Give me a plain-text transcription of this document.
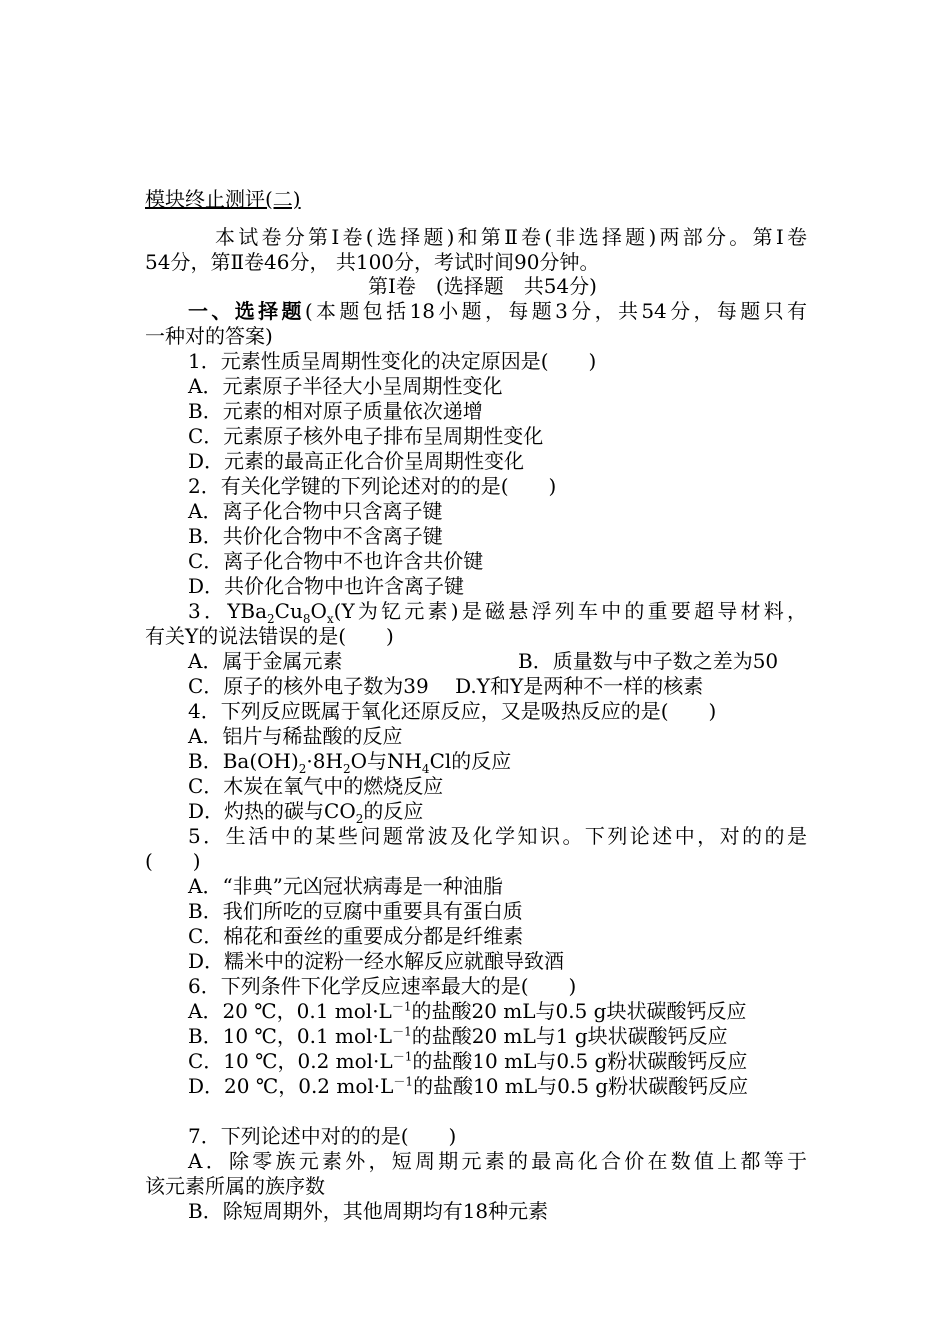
模块终止测评(二)
本试卷分第Ⅰ卷(选择题)和第Ⅱ卷(非选择题)两部分。第Ⅰ卷
54分，第Ⅱ卷46分， 共100分，考试时间90分钟。
第Ⅰ卷　(选择题　共54分)
一、选择题(本题包括18小题，每题3分，共54分，每题只有
一种对的答案)
1．元素性质呈周期性变化的决定原因是(　　)
A．元素原子半径大小呈周期性变化
B．元素的相对原子质量依次递增
C．元素原子核外电子排布呈周期性变化
D．元素的最高正化合价呈周期性变化
2．有关化学键的下列论述对的的是(　　)
A．离子化合物中只含离子键
B．共价化合物中不含离子键
C．离子化合物中不也许含共价键
D．共价化合物中也许含离子键
3．$YBa_2Cu_8O_x(Y$为钇元素)是磁悬浮列车中的重要超导材料，
有关Y的说法错误的是(　　)
A．属于金属元素	B．质量数与中子数之差为50
C．原子的核外电子数为39　 D.Y和Y是两种不一样的核素
4．下列反应既属于氧化还原反应，又是吸热反应的是(　　)
A．铝片与稀盐酸的反应
B．$Ba(OH)_2\cdot 8H_2O$与$NH_4Cl$的反应
C．木炭在氧气中的燃烧反应
D．灼热的碳与$CO_2$的反应
5．生活中的某些问题常波及化学知识。下列论述中，对的的是
(　　)
A．“非典”元凶冠状病毒是一种油脂
B．我们所吃的豆腐中重要具有蛋白质
C．棉花和蚕丝的重要成分都是纤维素
D．糯米中的淀粉一经水解反应就酿导致酒
6．下列条件下化学反应速率最大的是(　　)
A．20 ℃，0.1 $mol\cdot L^{-1}$的盐酸20 mL与0.5 g块状碳酸钙反应
B．10 ℃，0.1 $mol\cdot L^{-1}$的盐酸20 mL与1 g块状碳酸钙反应
C．10 ℃，0.2 $mol\cdot L^{-1}$的盐酸10 mL与0.5 g粉状碳酸钙反应
D．20 ℃，0.2 $mol\cdot L^{-1}$的盐酸10 mL与0.5 g粉状碳酸钙反应
7．下列论述中对的的是(　　)
A．除零族元素外，短周期元素的最高化合价在数值上都等于
该元素所属的族序数
B．除短周期外，其他周期均有18种元素
